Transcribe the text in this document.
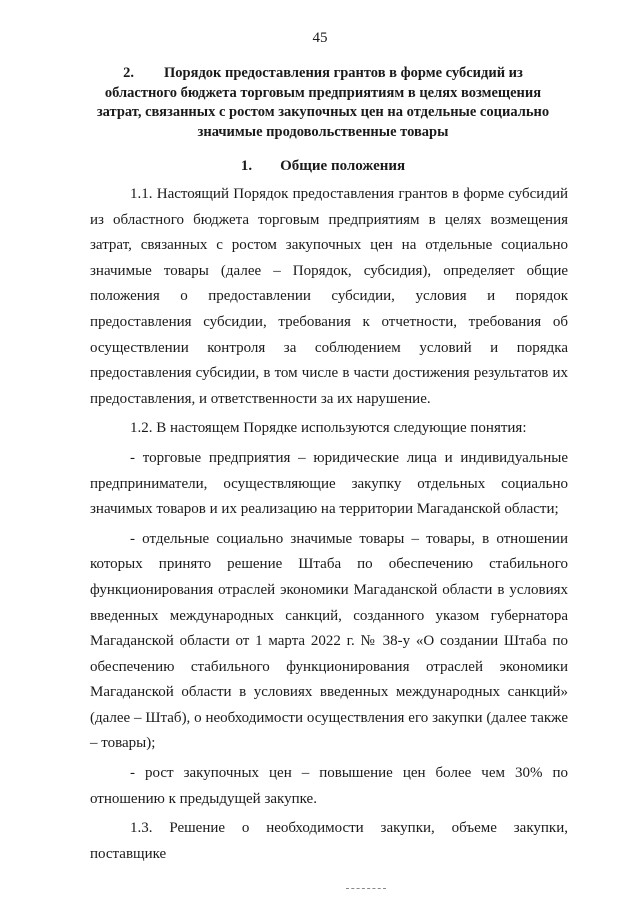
45
2. Порядок предоставления грантов в форме субсидий из областного бюджета торговым предприятиям в целях возмещения затрат, связанных с ростом закупочных цен на отдельные социально значимые продовольственные товары
1. Общие положения

1.1. Настоящий Порядок предоставления грантов в форме субсидий из областного бюджета торговым предприятиям в целях возмещения затрат, связанных с ростом закупочных цен на отдельные социально значимые товары (далее – Порядок, субсидия), определяет общие положения о предоставлении субсидии, условия и порядок предоставления субсидии, требования к отчетности, требования об осуществлении контроля за соблюдением условий и порядка предоставления субсидии, в том числе в части достижения результатов их предоставления, и ответственности за их нарушение.

1.2. В настоящем Порядке используются следующие понятия:

- торговые предприятия – юридические лица и индивидуальные предприниматели, осуществляющие закупку отдельных социально значимых товаров и их реализацию на территории Магаданской области;

- отдельные социально значимые товары – товары, в отношении которых принято решение Штаба по обеспечению стабильного функционирования отраслей экономики Магаданской области в условиях введенных международных санкций, созданного указом губернатора Магаданской области от 1 марта 2022 г. № 38-у «О создании Штаба по обеспечению стабильного функционирования отраслей экономики Магаданской области в условиях введенных международных санкций» (далее – Штаб), о необходимости осуществления его закупки (далее также – товары);

- рост закупочных цен – повышение цен более чем 30% по отношению к предыдущей закупке.

1.3. Решение о необходимости закупки, объеме закупки, поставщике
